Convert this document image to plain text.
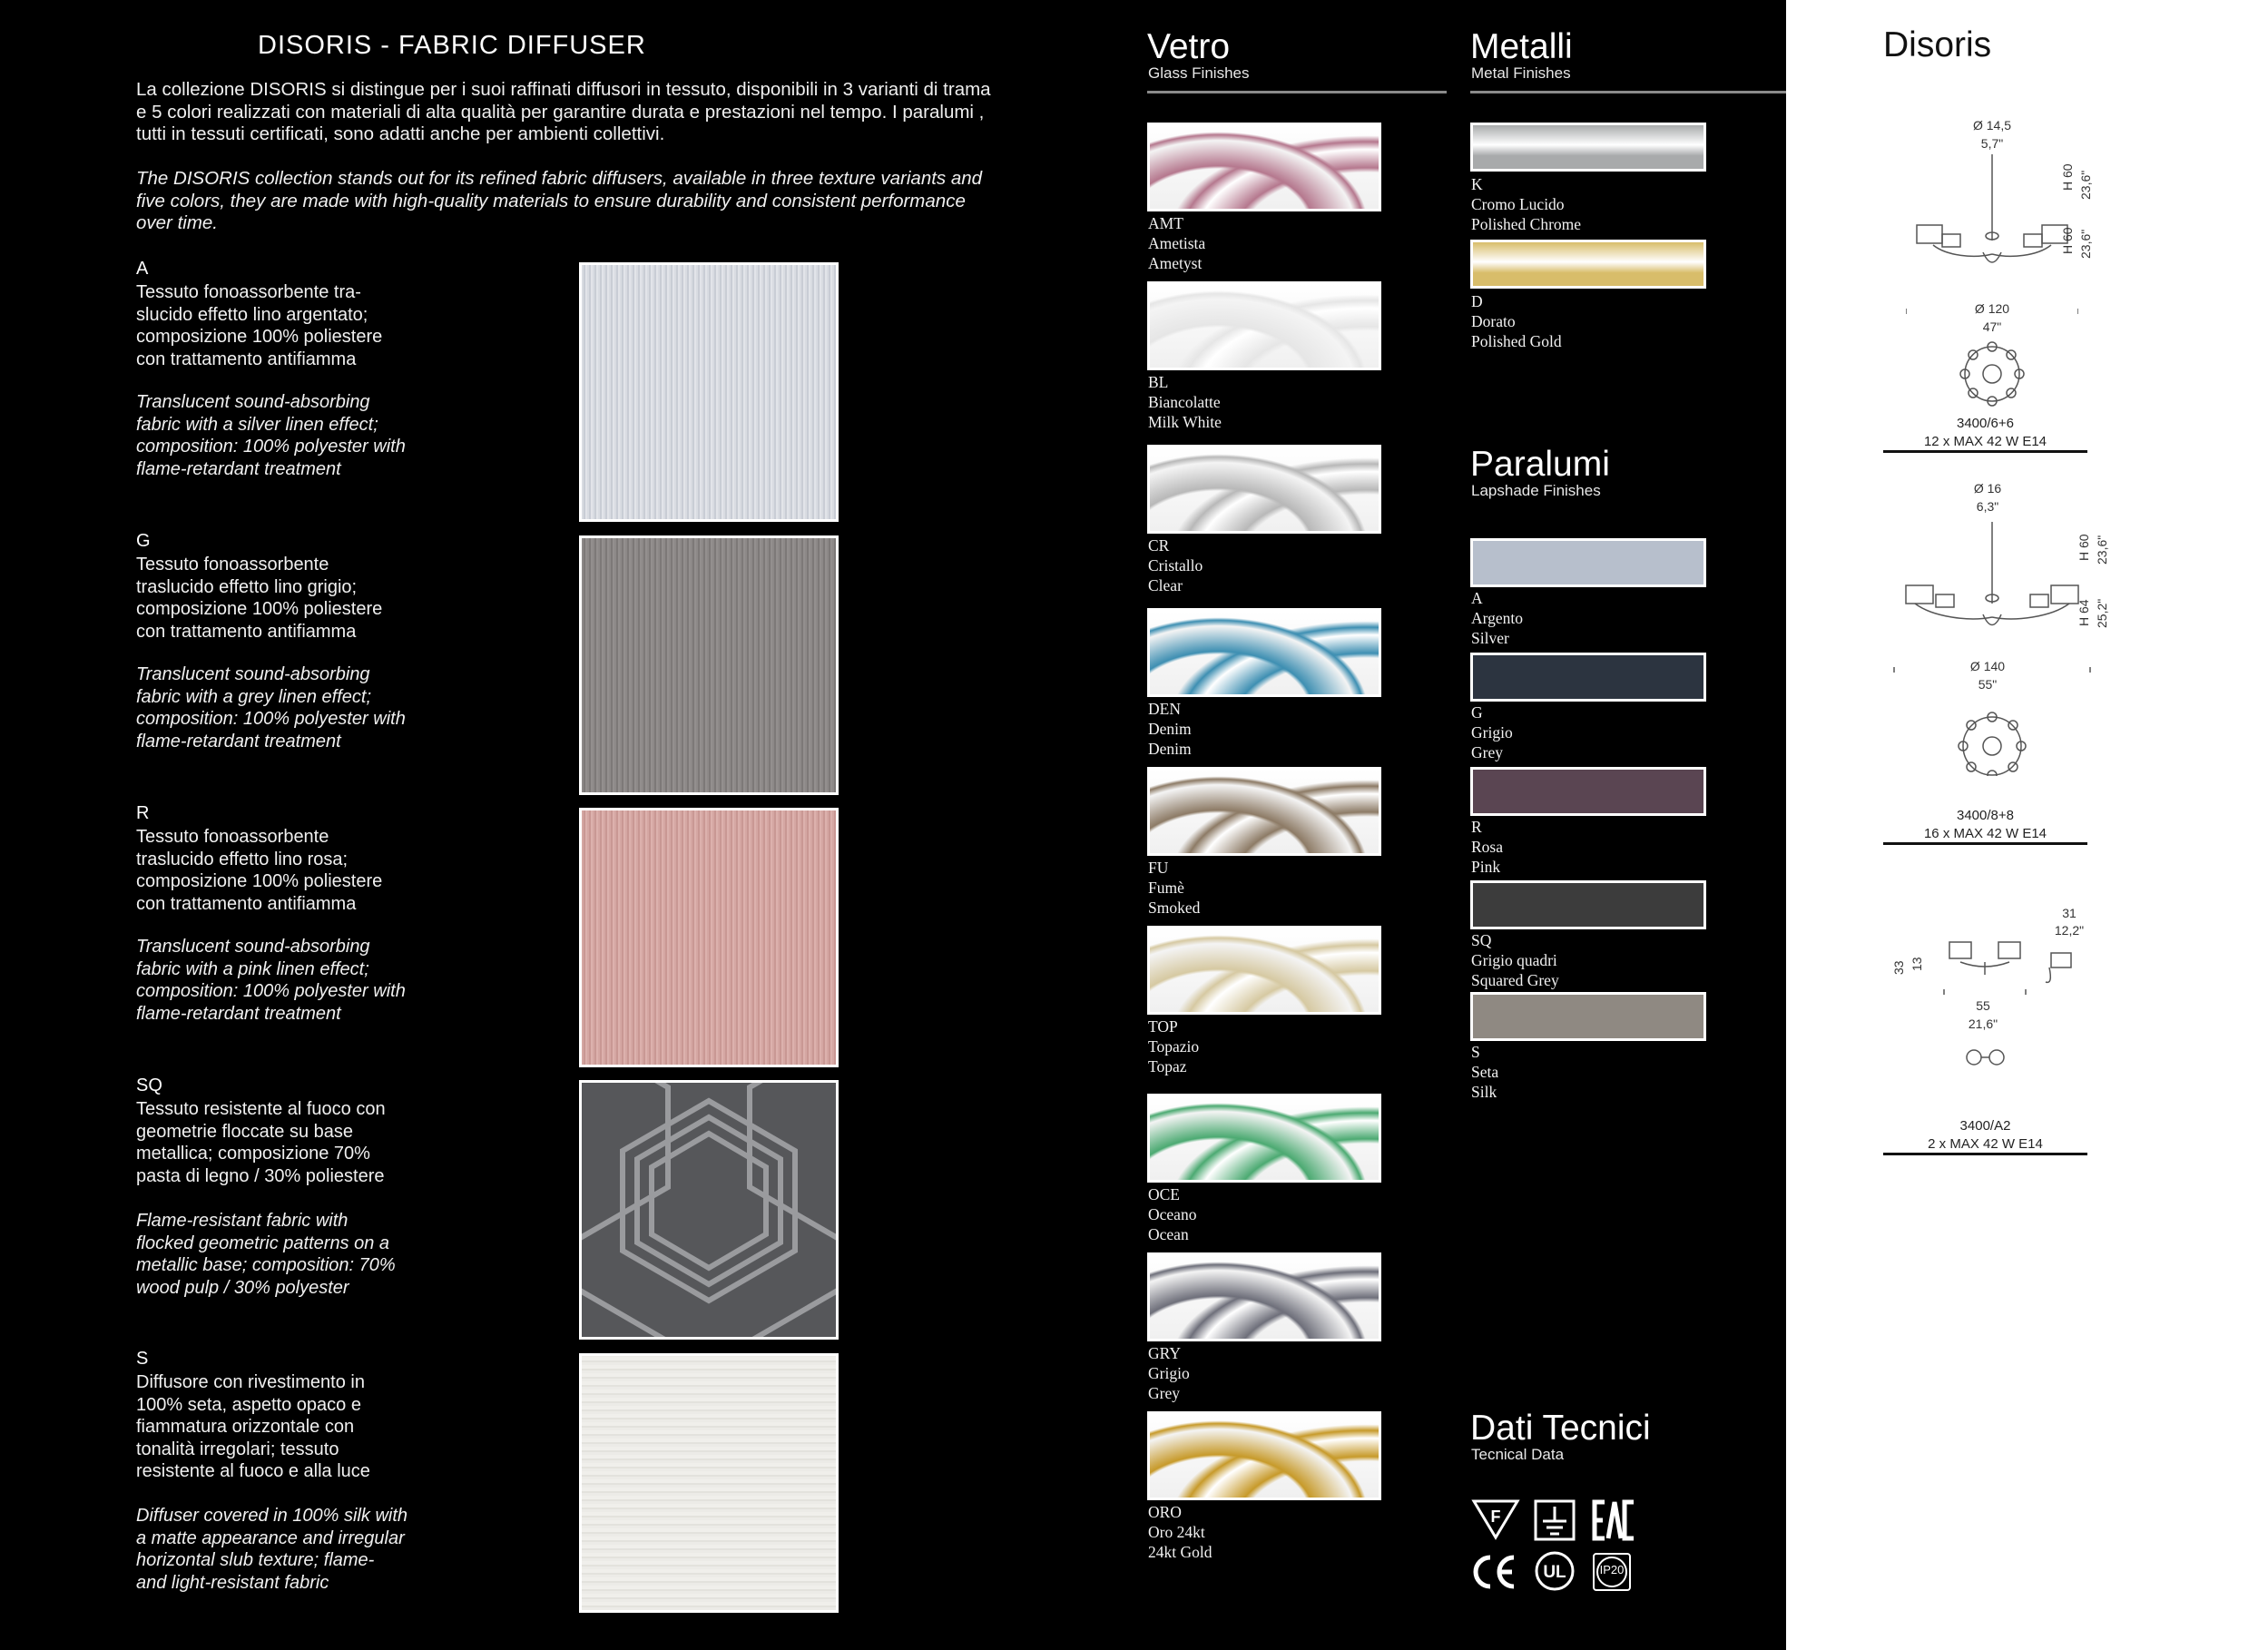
DISORIS - FABRIC DIFFUSER
La collezione DISORIS si distingue per i suoi raffinati diffusori in tessuto, disponibili in 3 varianti di trama e 5 colori realizzati con materiali di alta qualità per garantire durata e prestazioni nel tempo. I paralumi , tutti in tessuti certificati, sono adatti anche per ambienti collettivi.
The DISORIS collection stands out for its refined fabric diffusers, available in three texture variants and five colors, they are made with high-quality materials to ensure durability and consistent performance over time.
A
Tessuto fonoassorbente tra-slucido effetto lino argentato; composizione 100% poliestere con trattamento antifiamma
Translucent sound-absorbing fabric with a silver linen effect; composition: 100% polyester with flame-retardant treatment
G
Tessuto fonoassorbente traslucido effetto lino grigio; composizione 100% poliestere con trattamento antifiamma
Translucent sound-absorbing fabric with a grey linen effect; composition: 100% polyester with flame-retardant treatment
R
Tessuto fonoassorbente traslucido effetto lino rosa; composizione 100% poliestere con trattamento antifiamma
Translucent sound-absorbing fabric with a pink linen effect; composition: 100% polyester with flame-retardant treatment
SQ
Tessuto resistente al fuoco con geometrie floccate su base metallica; composizione 70% pasta di legno / 30% poliestere
Flame-resistant fabric with flocked geometric patterns on a metallic base; composition: 70% wood pulp / 30% polyester
S
Diffusore con rivestimento in 100% seta, aspetto opaco e fiammatura orizzontale con tonalità irregolari; tessuto resistente al fuoco e alla luce
Diffuser covered in 100% silk with a matte appearance and irregular horizontal slub texture; flame- and light-resistant fabric
Vetro
Glass Finishes
AMT
Ametista
Ametyst
BL
Biancolatte
Milk White
CR
Cristallo
Clear
DEN
Denim
Denim
FU
Fumè
Smoked
TOP
Topazio
Topaz
OCE
Oceano
Ocean
GRY
Grigio
Grey
ORO
Oro 24kt
24kt Gold
Metalli
Metal Finishes
K
Cromo Lucido
Polished Chrome
D
Dorato
Polished Gold
Paralumi
Lapshade Finishes
A
Argento
Silver
G
Grigio
Grey
R
Rosa
Pink
SQ
Grigio quadri
Squared Grey
S
Seta
Silk
Dati Tecnici
Tecnical Data
F
UL	IP20
Disoris
Ø 14,5
5,7"
Ø 120
47"
H 60 23,6"
H 60 23,6"
3400/6+6
12 x MAX 42 W E14
Ø 16
6,3"
Ø 140
55"
H 60 23,6"
H 64 25,2"
3400/8+8
16 x MAX 42 W E14
31
12,2"
55
21,6"
33 13
3400/A2
2 x MAX 42 W E14
